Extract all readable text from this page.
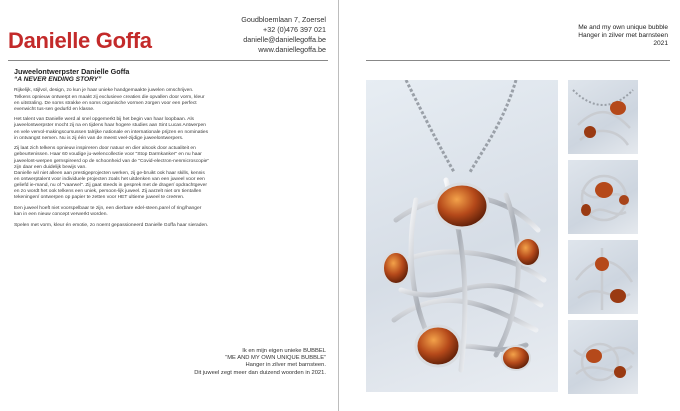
Danielle Goffa
Goudbloemlaan 7, Zoersel
+32 (0)476 397 021
danielle@daniellegoffa.be
www.daniellegoffa.be
Juweelontwerpster Danielle Goffa
“A NEVER ENDING STORY”

Rijkelijk, stijlvol, design, zo kun je haar unieke handgemaakte juwelen omschrijven.
Telkens opnieuw ontwerpt en maakt zij exclusieve creaties die opvallen door vorm, kleur en uitstraling. De soms strakke en soms organische vormen zorgen voor een perfect evenwicht tus-sen gedurfd en klasse.

Het talent van Danielle werd al snel opgemerkt bij het begin van haar loopbaan. Als juweelontwerpster mocht zij na en tijdens haar hogere studies aan Sint Lucas Antwerpen en vele vervol-makingscursussen talrijke nationale en internationale prijzen en nominaties in ontvangst nemen. Nu is zij één van de meest veel-zijdige juweelontwerpers.

Zij laat zich telkens opnieuw inspireren door natuur en dier alsook door actualiteit en gebeurtenissen. Haar 60 voudige ju-welencollectie voor "Stop Darmkanker" en nu haar juweelont-werpen geïnspireerd op de schoonheid van de "Covid-electron-nenmicroscopie" zijn daar een duidelijk bewijs van.
Danielle wil niet alleen aan prestigeprojecten werken, zij ge-bruikt ook haar skills, kennis en ontwerptalent voor individuele projecten zoals het uitdenken van een juweel voor een geliefd ie-mand, nu of "vaarwel". Zij gaat steeds in gesprek met de drager/ opdrachtgever en zo wordt het ook telkens een uniek, persoon-lijk juweel. Zij aarzelt niet om tientallen tekeningen/ ontwerpen op papier te zetten voor HET ultieme juweel te creëren.

Een juweel hoeft niet voorspelbaar te zijn, een dierbare edel-steen,parel of ring/hanger kan in een nieuw concept verwerkt worden.

Spelen met vorm, kleur én emotie, zo noemt gepassioneerd Danielle Goffa haar sieraden.

Ik en mijn eigen unieke BUBBEL
“ME AND MY OWN UNIQUE BUBBLE”
Hanger in zilver met barnsteen.
Dit juweel zegt meer dan duizend woorden in 2021.
Me and my own unique bubble
Hanger in zilver met barnsteen
2021
